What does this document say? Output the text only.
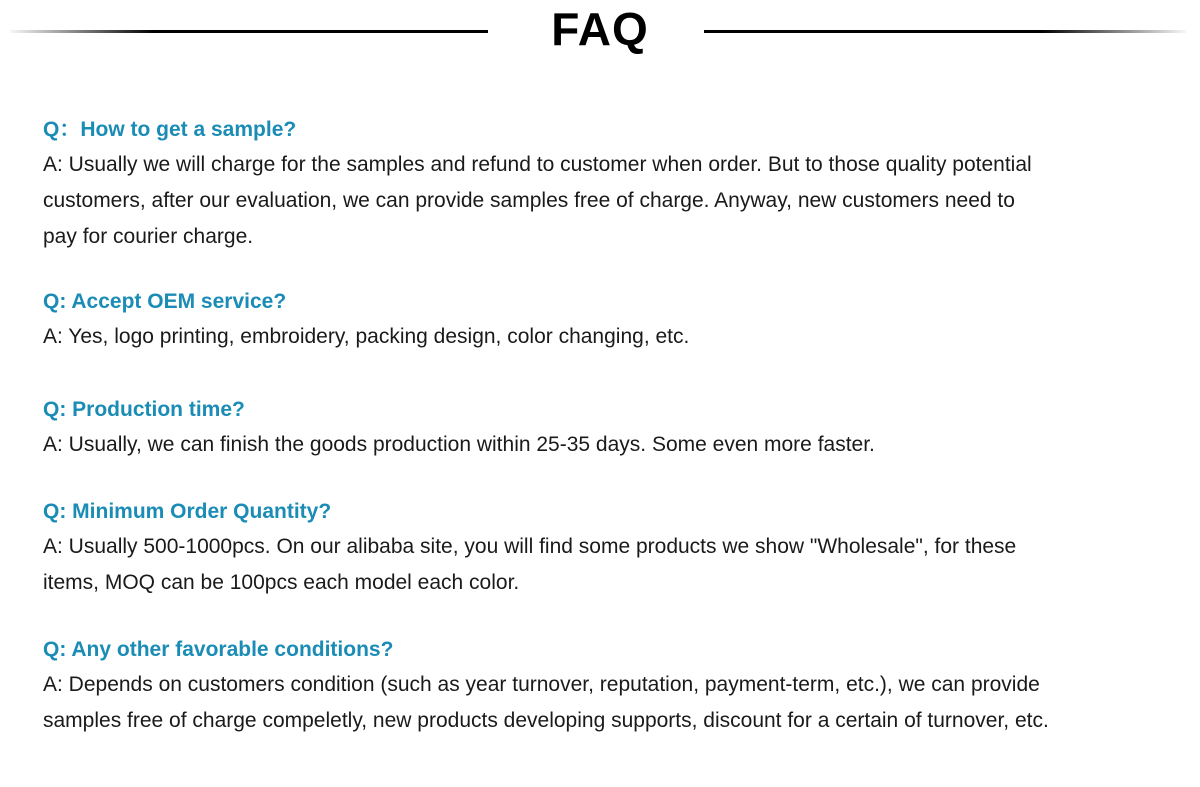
FAQ
Q：How to get a sample?
A: Usually we will charge for the samples and refund to customer when order. But to those quality potential
customers, after our evaluation, we can provide samples free of charge. Anyway, new customers need to
pay for courier charge.
Q: Accept OEM service?
A: Yes, logo printing, embroidery, packing design, color changing, etc.
Q: Production time?
A: Usually, we can finish the goods production within 25-35 days. Some even more faster.
Q: Minimum Order Quantity?
A: Usually 500-1000pcs. On our alibaba site, you will find some products we show "Wholesale", for these
items, MOQ can be 100pcs each model each color.
Q: Any other favorable conditions?
A: Depends on customers condition (such as year turnover, reputation, payment-term, etc.), we can provide
samples free of charge compeletly, new products developing supports, discount for a certain of turnover, etc.
